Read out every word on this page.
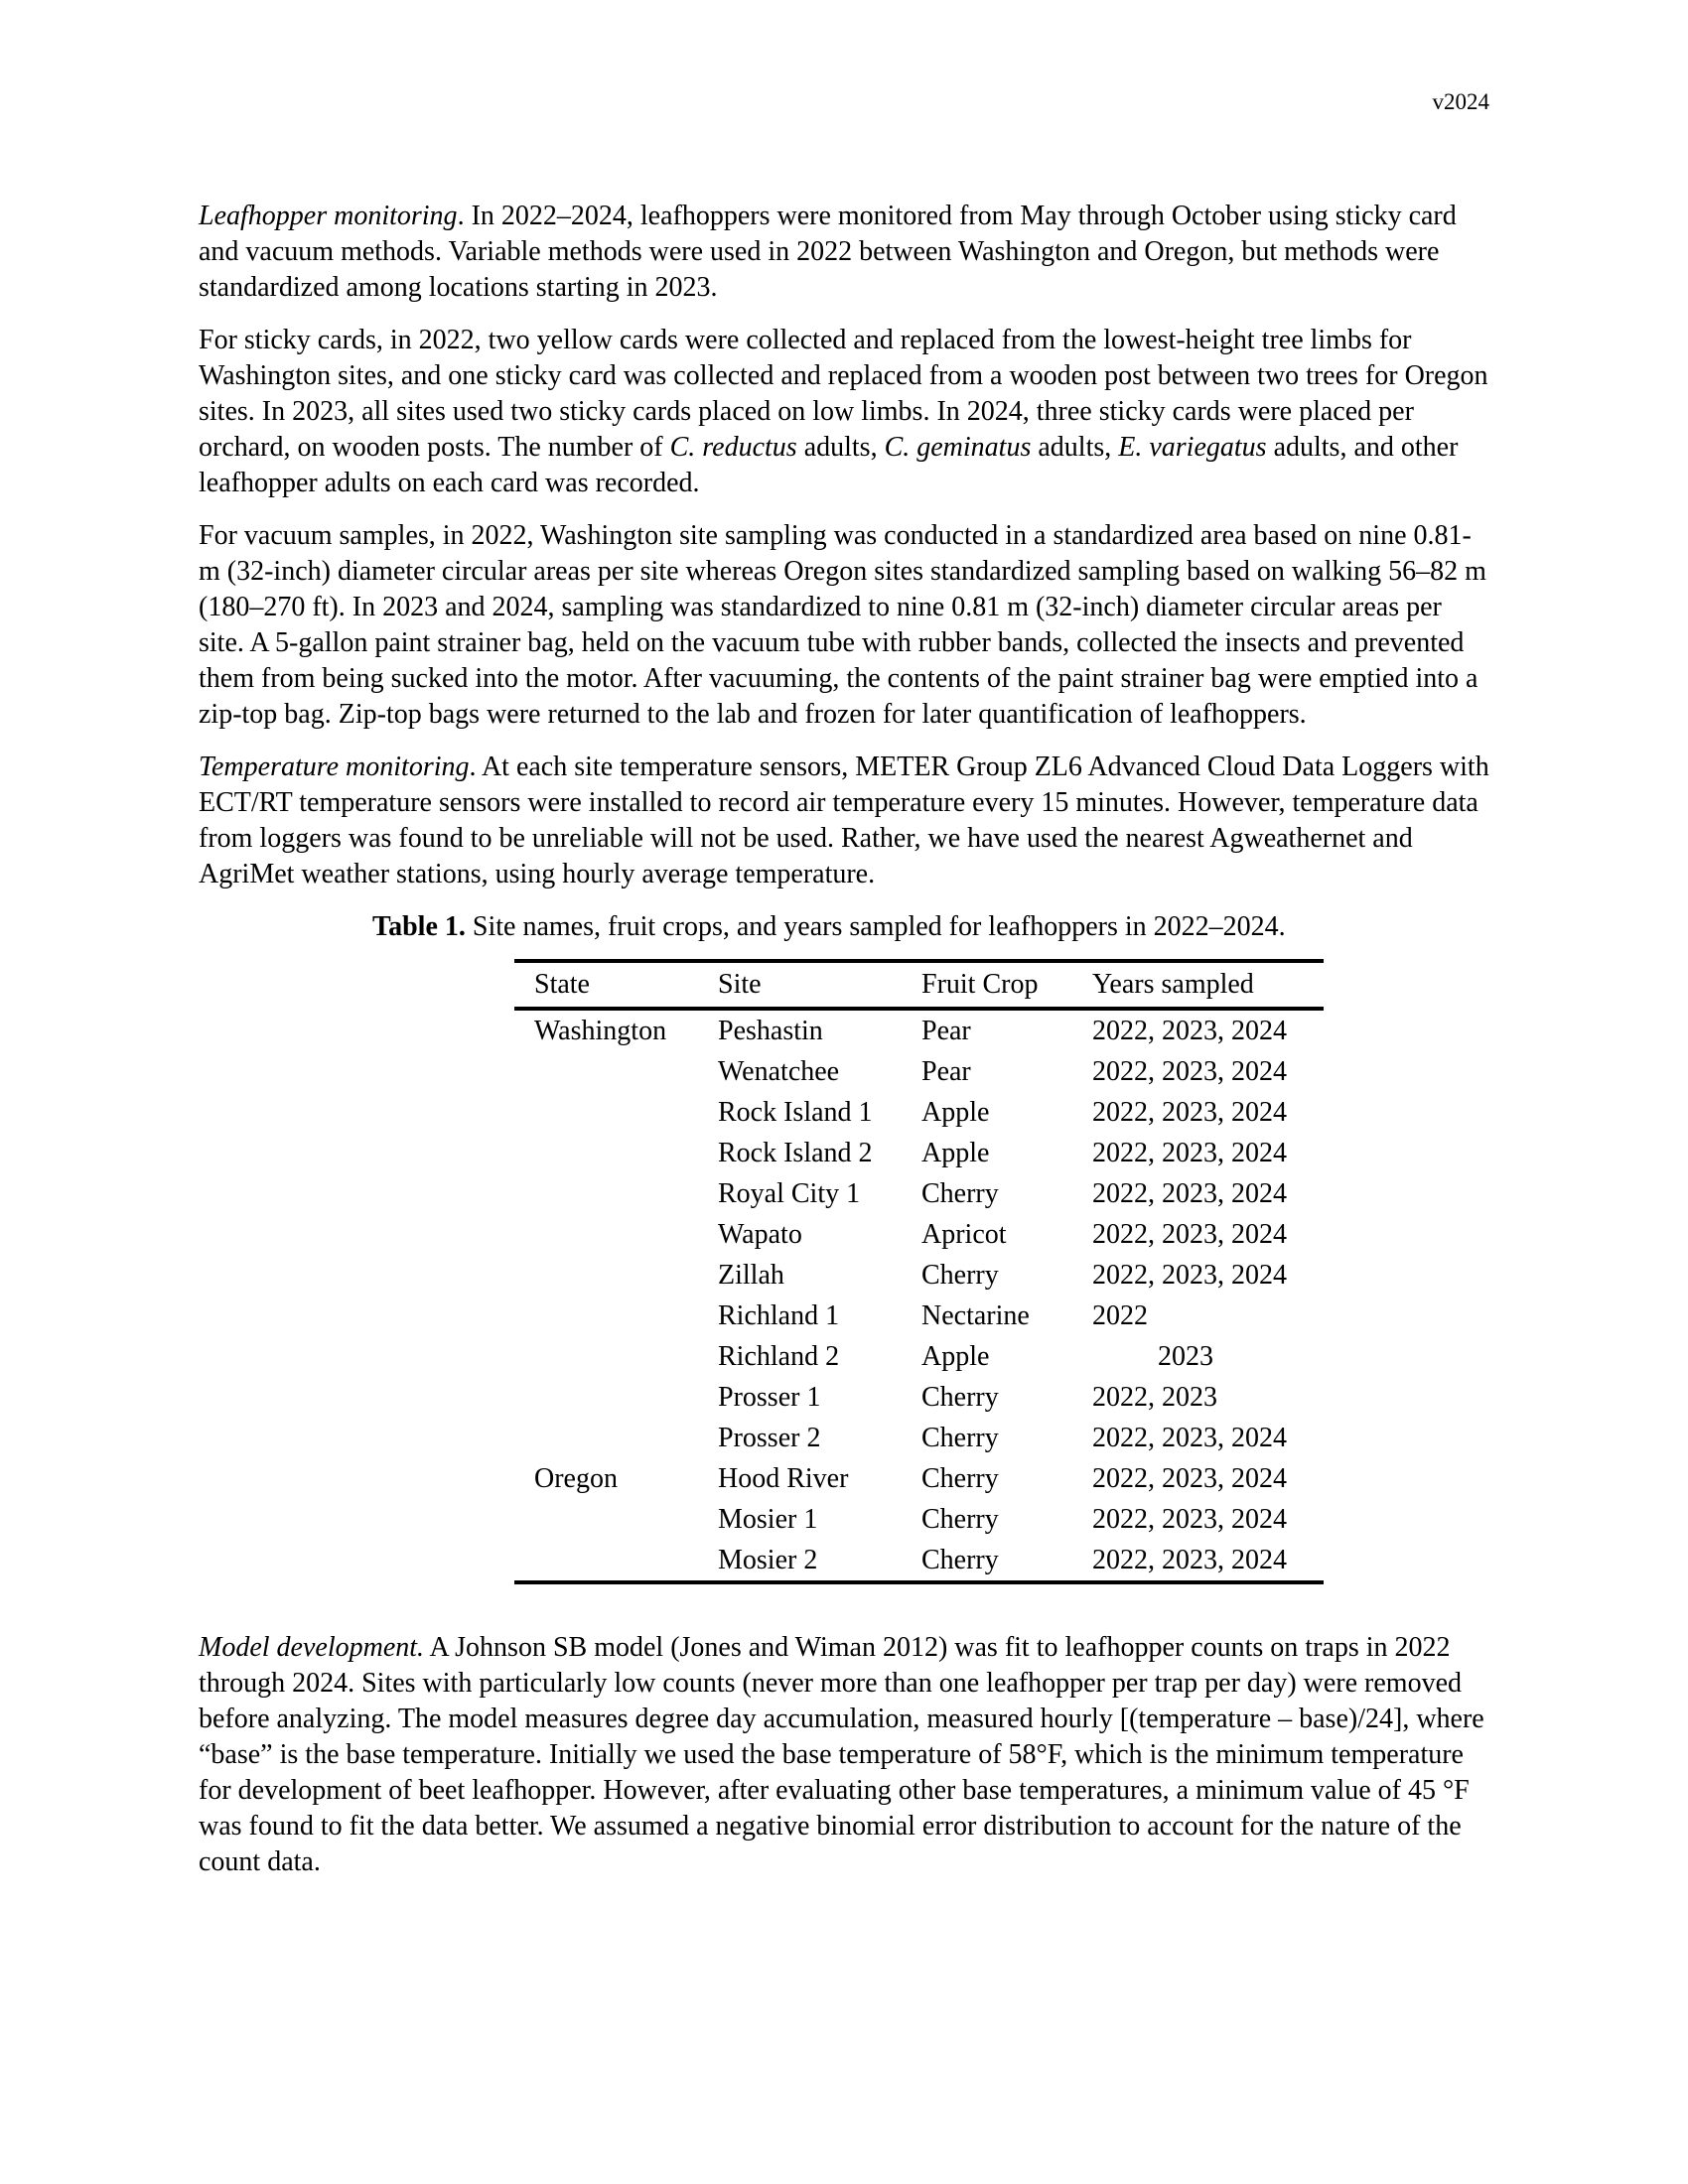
v2024

Leafhopper monitoring. In 2022–2024, leafhoppers were monitored from May through October using sticky card and vacuum methods. Variable methods were used in 2022 between Washington and Oregon, but methods were standardized among locations starting in 2023.

For sticky cards, in 2022, two yellow cards were collected and replaced from the lowest-height tree limbs for Washington sites, and one sticky card was collected and replaced from a wooden post between two trees for Oregon sites. In 2023, all sites used two sticky cards placed on low limbs. In 2024, three sticky cards were placed per orchard, on wooden posts. The number of C. reductus adults, C. geminatus adults, E. variegatus adults, and other leafhopper adults on each card was recorded.

For vacuum samples, in 2022, Washington site sampling was conducted in a standardized area based on nine 0.81-m (32-inch) diameter circular areas per site whereas Oregon sites standardized sampling based on walking 56–82 m (180–270 ft). In 2023 and 2024, sampling was standardized to nine 0.81 m (32-inch) diameter circular areas per site. A 5-gallon paint strainer bag, held on the vacuum tube with rubber bands, collected the insects and prevented them from being sucked into the motor. After vacuuming, the contents of the paint strainer bag were emptied into a zip-top bag. Zip-top bags were returned to the lab and frozen for later quantification of leafhoppers.

Temperature monitoring. At each site temperature sensors, METER Group ZL6 Advanced Cloud Data Loggers with ECT/RT temperature sensors were installed to record air temperature every 15 minutes. However, temperature data from loggers was found to be unreliable will not be used. Rather, we have used the nearest Agweathernet and AgriMet weather stations, using hourly average temperature.

Table 1. Site names, fruit crops, and years sampled for leafhoppers in 2022–2024.

State	Site	Fruit Crop	Years sampled
Washington	Peshastin	Pear	2022, 2023, 2024
	Wenatchee	Pear	2022, 2023, 2024
	Rock Island 1	Apple	2022, 2023, 2024
	Rock Island 2	Apple	2022, 2023, 2024
	Royal City 1	Cherry	2022, 2023, 2024
	Wapato	Apricot	2022, 2023, 2024
	Zillah	Cherry	2022, 2023, 2024
	Richland 1	Nectarine	2022
	Richland 2	Apple	2023
	Prosser 1	Cherry	2022, 2023
	Prosser 2	Cherry	2022, 2023, 2024
Oregon	Hood River	Cherry	2022, 2023, 2024
	Mosier 1	Cherry	2022, 2023, 2024
	Mosier 2	Cherry	2022, 2023, 2024

Model development. A Johnson SB model (Jones and Wiman 2012) was fit to leafhopper counts on traps in 2022 through 2024. Sites with particularly low counts (never more than one leafhopper per trap per day) were removed before analyzing. The model measures degree day accumulation, measured hourly [(temperature – base)/24], where “base” is the base temperature. Initially we used the base temperature of 58°F, which is the minimum temperature for development of beet leafhopper. However, after evaluating other base temperatures, a minimum value of 45 °F was found to fit the data better. We assumed a negative binomial error distribution to account for the nature of the count data.
